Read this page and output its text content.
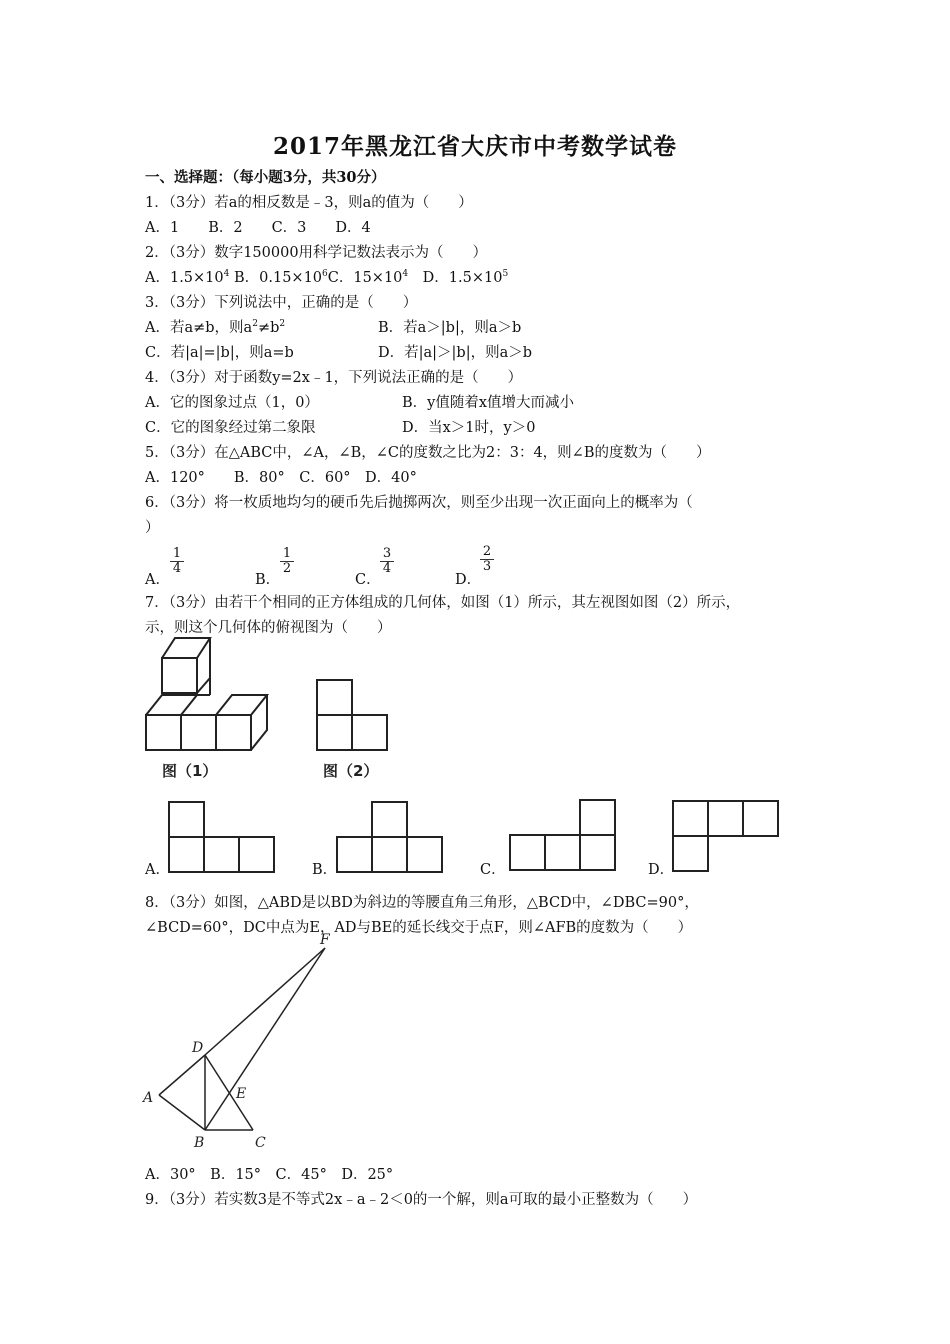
2017年黑龙江省大庆市中考数学试卷
一、选择题：（每小题3分，共30分）
1．（3分）若a的相反数是﹣3，则a的值为（　　）
A．1　　B．2　　C．3　　D．4
2．（3分）数字150000用科学记数法表示为（　　）
A．$1.5\times 10^4$ B．$0.15\times 10^6C$．$15\times 10^4$　D．$1.5\times 10^5$
3．（3分）下列说法中，正确的是（　　）
A．若a≠b，则$a^2\ne b^2$	B．若a＞|b|，则a＞b
C．若|a|=|b|，则a=b	D．若|a|＞|b|，则a＞b
4．（3分）对于函数y=2x﹣1，下列说法正确的是（　　）
A．它的图象过点（1，0）	B．y值随着x值增大而减小
C．它的图象经过第二象限	D．当x＞1时，y＞0
5．（3分）在△ABC中，∠A，∠B，∠C的度数之比为2：3：4，则∠B的度数为（　　）
A．120°　　B．80°　C．60°　D．40°
6．（3分）将一枚质地均匀的硬币先后抛掷两次，则至少出现一次正面向上的概率为（
）
A．
$\frac{1}{4}$
B．
$\frac{1}{2}$
C．
$\frac{3}{4}$
D．
$\frac{2}{3}$
7．（3分）由若干个相同的正方体组成的几何体，如图（1）所示，其左视图如图（2）所示，
示，则这个几何体的俯视图为（　　）
图（1）	图（2）
A．	B．	C．	D．
8．（3分）如图，△ABD是以BD为斜边的等腰直角三角形，△BCD中，∠DBC=90°，
∠BCD=60°，DC中点为E，AD与BE的延长线交于点F，则∠AFB的度数为（　　）
F
D
A	E
B	C
A．30°　B．15°　C．45°　D．25°
9．（3分）若实数3是不等式2x﹣a﹣2＜0的一个解，则a可取的最小正整数为（　　）
